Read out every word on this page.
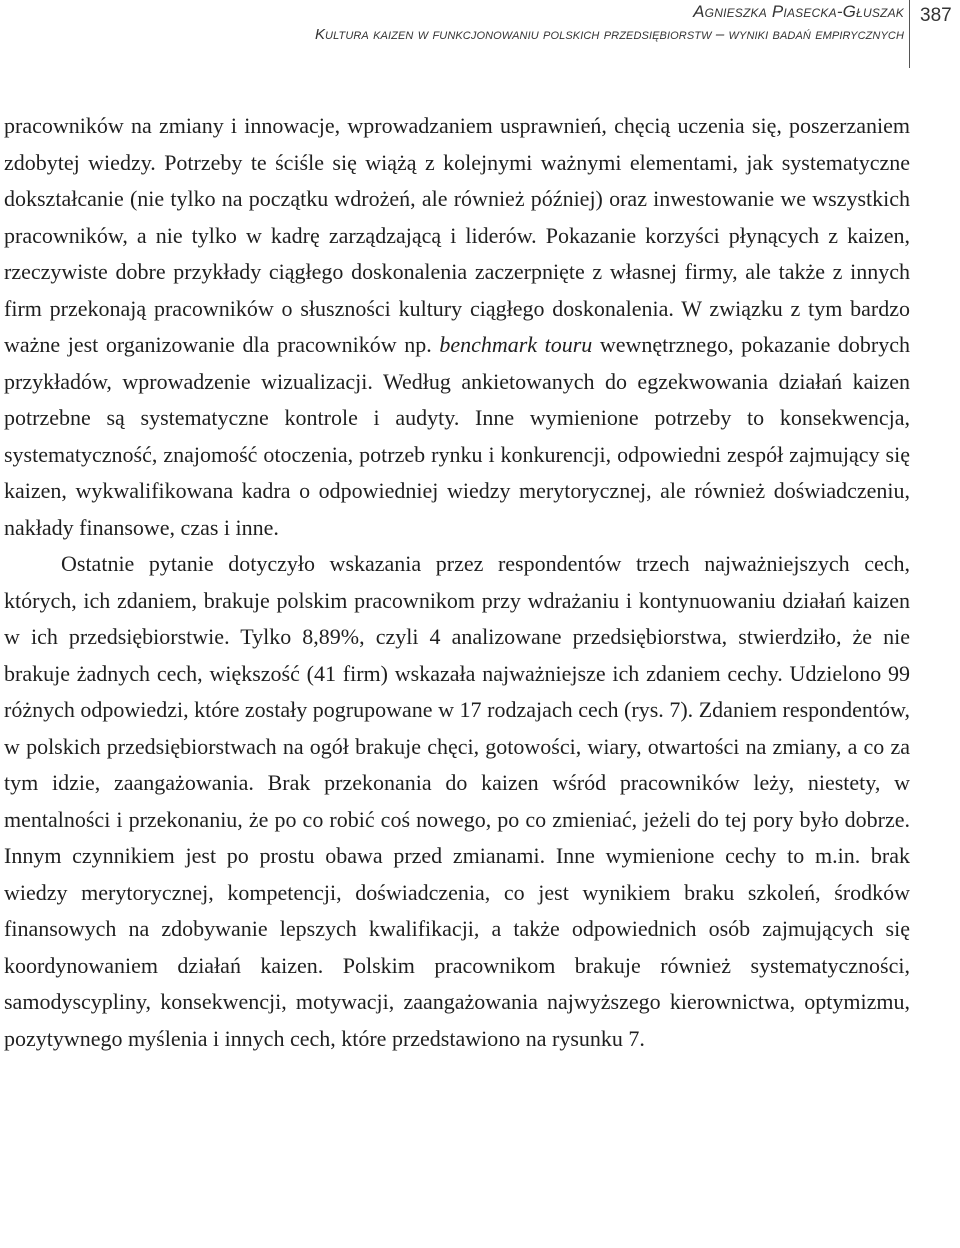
Agnieszka Piasecka-Głuszak
Kultura kaizen w funkcjonowaniu polskich przedsiębiorstw – wyniki badań empirycznych
387

pracowników na zmiany i innowacje, wprowadzaniem usprawnień, chęcią uczenia się, poszerzaniem zdobytej wiedzy. Potrzeby te ściśle się wiążą z kolejnymi ważnymi elementami, jak systematyczne dokształcanie (nie tylko na początku wdrożeń, ale również później) oraz inwestowanie we wszystkich pracowników, a nie tylko w kadrę zarządzającą i liderów. Pokazanie korzyści płynących z kaizen, rzeczywiste dobre przykłady ciągłego doskonalenia zaczerpnięte z własnej firmy, ale także z innych firm przekonają pracowników o słuszności kultury ciągłego doskonalenia. W związku z tym bardzo ważne jest organizowanie dla pracowników np. benchmark touru wewnętrznego, pokazanie dobrych przykładów, wprowadzenie wizualizacji. Według ankietowanych do egzekwowania działań kaizen potrzebne są systematyczne kontrole i audyty. Inne wymienione potrzeby to konsekwencja, systematyczność, znajomość otoczenia, potrzeb rynku i konkurencji, odpowiedni zespół zajmujący się kaizen, wykwalifikowana kadra o odpowiedniej wiedzy merytorycznej, ale również doświadczeniu, nakłady finansowe, czas i inne.

Ostatnie pytanie dotyczyło wskazania przez respondentów trzech najważniejszych cech, których, ich zdaniem, brakuje polskim pracownikom przy wdrażaniu i kontynuowaniu działań kaizen w ich przedsiębiorstwie. Tylko 8,89%, czyli 4 analizowane przedsiębiorstwa, stwierdziło, że nie brakuje żadnych cech, większość (41 firm) wskazała najważniejsze ich zdaniem cechy. Udzielono 99 różnych odpowiedzi, które zostały pogrupowane w 17 rodzajach cech (rys. 7). Zdaniem respondentów, w polskich przedsiębiorstwach na ogół brakuje chęci, gotowości, wiary, otwartości na zmiany, a co za tym idzie, zaangażowania. Brak przekonania do kaizen wśród pracowników leży, niestety, w mentalności i przekonaniu, że po co robić coś nowego, po co zmieniać, jeżeli do tej pory było dobrze. Innym czynnikiem jest po prostu obawa przed zmianami. Inne wymienione cechy to m.in. brak wiedzy merytorycznej, kompetencji, doświadczenia, co jest wynikiem braku szkoleń, środków finansowych na zdobywanie lepszych kwalifikacji, a także odpowiednich osób zajmujących się koordynowaniem działań kaizen. Polskim pracownikom brakuje również systematyczności, samodyscypliny, konsekwencji, motywacji, zaangażowania najwyższego kierownictwa, optymizmu, pozytywnego myślenia i innych cech, które przedstawiono na rysunku 7.
